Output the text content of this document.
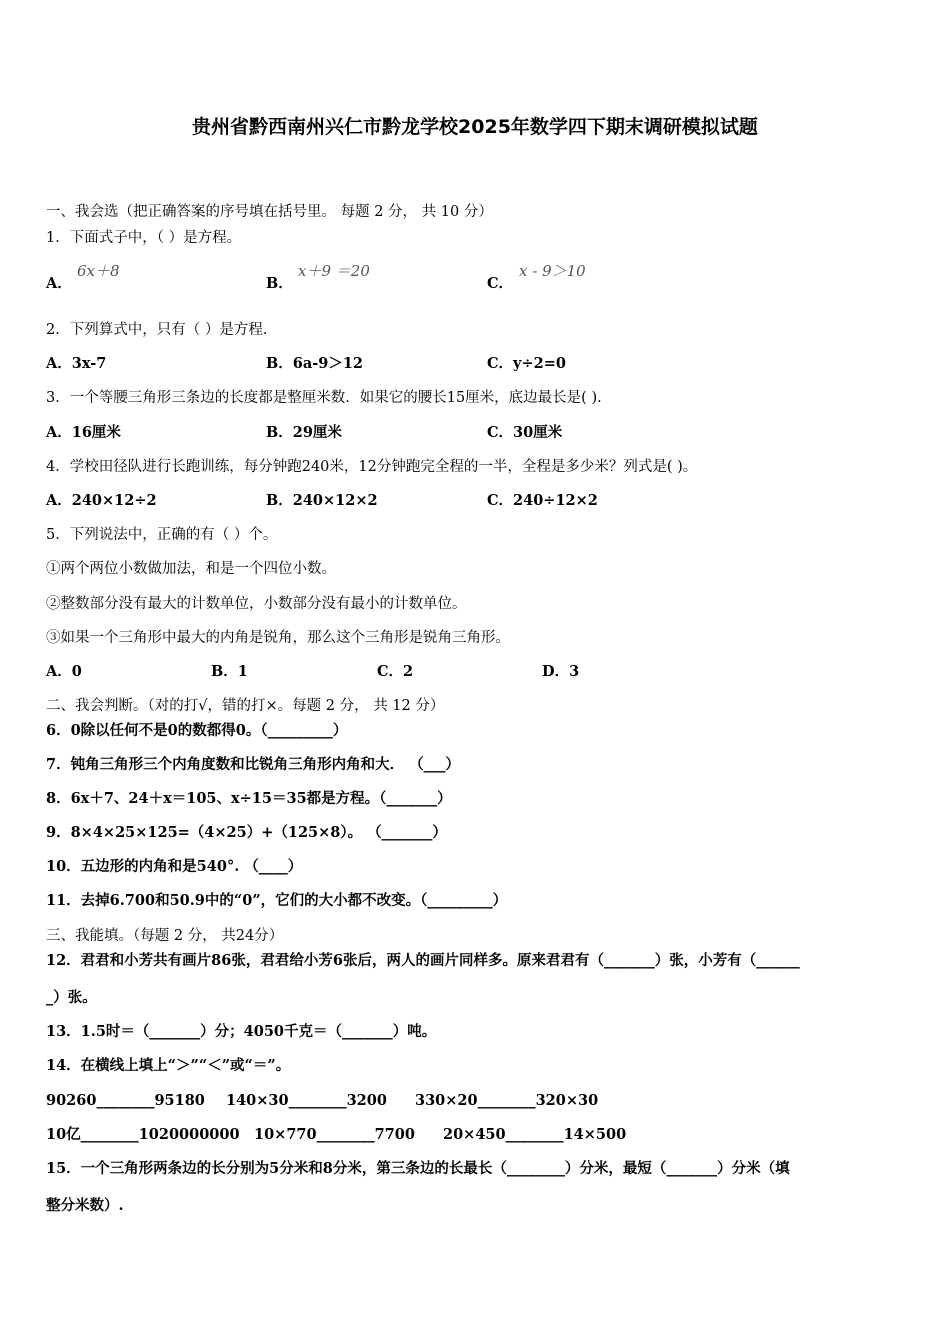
贵州省黔西南州兴仁市黔龙学校2025年数学四下期末调研模拟试题
一、我会选（把正确答案的序号填在括号里。 每题 2 分， 共 10 分）
1．下面式子中，（ ）是方程。
A．
6x＋8
B．
x＋9 ＝20
C．
x - 9＞10
2．下列算式中，只有（ ）是方程.
A．3x-7	B．6a-9＞12	C．y÷2=0
3．一个等腰三角形三条边的长度都是整厘米数．如果它的腰长15厘米，底边最长是( ).
A．16厘米	B．29厘米	C．30厘米
4．学校田径队进行长跑训练，每分钟跑240米，12分钟跑完全程的一半，全程是多少米？列式是( )。
A．240×12÷2	B．240×12×2	C．240÷12×2
5．下列说法中，正确的有（ ）个。
①两个两位小数做加法，和是一个四位小数。
②整数部分没有最大的计数单位，小数部分没有最小的计数单位。
③如果一个三角形中最大的内角是锐角，那么这个三角形是锐角三角形。
A．0	B．1	C．2	D．3
二、我会判断。（对的打√，错的打×。每题 2 分， 共 12 分）
6．0除以任何不是0的数都得0。（_________）
7．钝角三角形三个内角度数和比锐角三角形内角和大． （___）
8．6x＋7、24＋x＝105、x÷15＝35都是方程。（_______）
9．8×4×25×125=（4×25）+（125×8）。 （_______）
10．五边形的内角和是540°. （____）
11．去掉6.700和50.9中的“0”，它们的大小都不改变。（_________）
三、我能填。（每题 2 分， 共24分）
12．君君和小芳共有画片86张，君君给小芳6张后，两人的画片同样多。原来君君有（_______）张，小芳有（______
_）张。
13．1.5时＝（_______）分；4050千克＝（_______）吨。
14．在横线上填上“＞”“＜”或“＝”。
90260________95180 140×30________3200 330×20________320×30
10亿________1020000000 10×770________7700 20×450________14×500
15．一个三角形两条边的长分别为5分米和8分米，第三条边的长最长（________）分米，最短（_______）分米（填
整分米数）.
